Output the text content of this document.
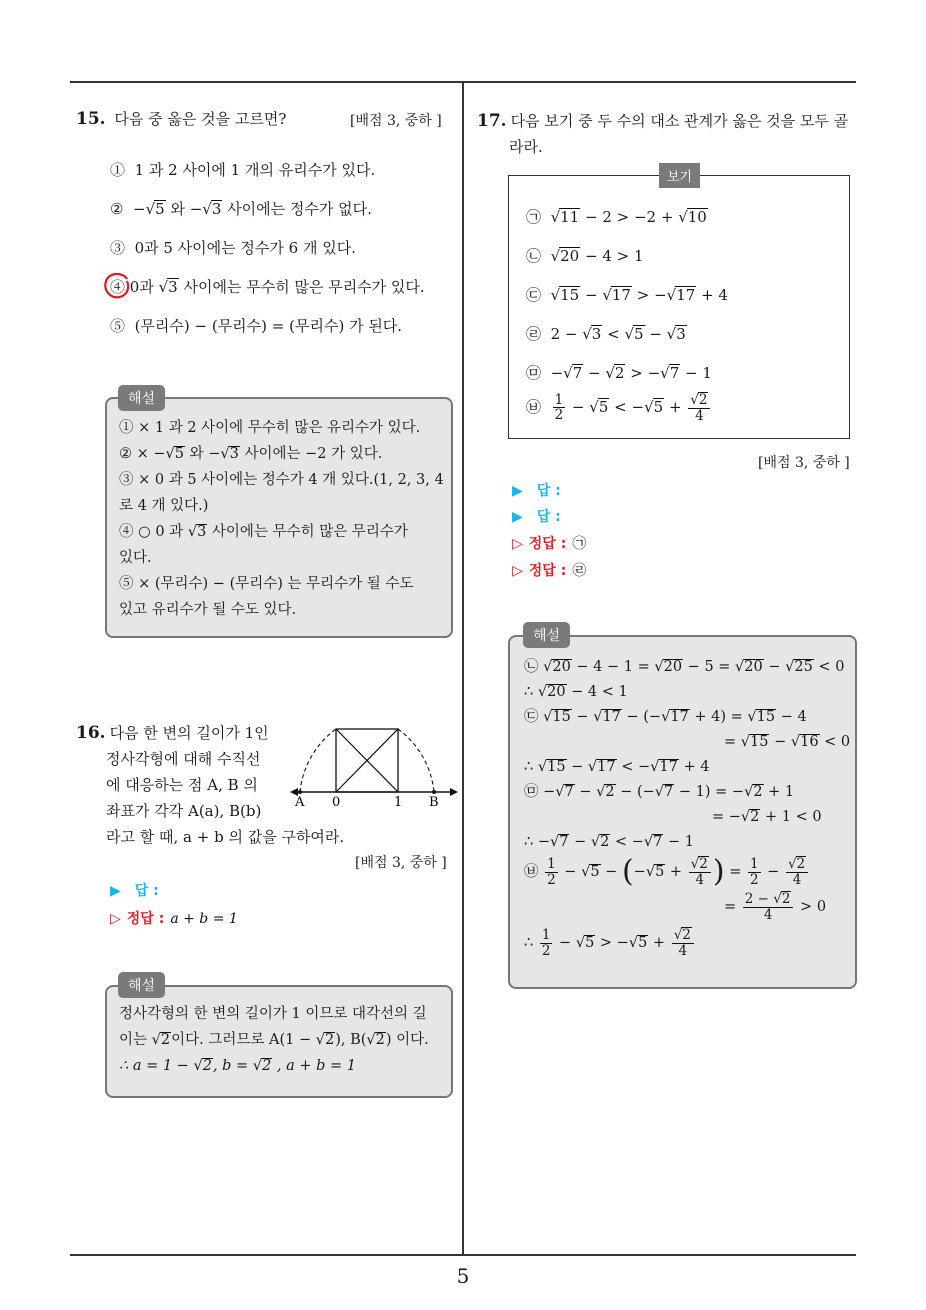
5
15. 다음 중 옳은 것을 고르면?	[배점 3, 중하 ]
① 1 과 2 사이에 1 개의 유리수가 있다.
② −√5 와 −√3 사이에는 정수가 없다.
③ 0과 5 사이에는 정수가 6 개 있다.
④ 0과 √3 사이에는 무수히 많은 무리수가 있다.
⑤ (무리수) − (무리수) = (무리수) 가 된다.
① × 1 과 2 사이에 무수히 많은 유리수가 있다.
② × −√5 와 −√3 사이에는 −2 가 있다.
③ × 0 과 5 사이에는 정수가 4 개 있다.(1, 2, 3, 4
로 4 개 있다.)
④ ○ 0 과 √3 사이에는 무수히 많은 무리수가
있다.
⑤ × (무리수) − (무리수) 는 무리수가 될 수도
있고 유리수가 될 수도 있다.
해설
16. 다음 한 변의 길이가 1인
정사각형에 대해 수직선
에 대응하는 점 A, B 의
좌표가 각각 A(a), B(b)
라고 할 때, a + b 의 값을 구하여라.
A 0	1 B
[배점 3, 중하 ]
▶ 답 :
▷ 정답 : a + b = 1
정사각형의 한 변의 길이가 1 이므로 대각선의 길
이는 √2이다. 그러므로 A(1 − √2), B(√2) 이다.
∴ a = 1 − √2, b = √2 , a + b = 1
해설
17. 다음 보기 중 두 수의 대소 관계가 옳은 것을 모두 골
라라.
보기
㉠ √11 − 2 > −2 + √10
㉡ √20 − 4 > 1
㉢ √15 − √17 > −√17 + 4
㉣ 2 − √3 < √5 − √3
㉤ −√7 − √2 > −√7 − 1
㉥ $\frac{1}{2} - √5 < -√5 + \frac{√2}{4}$
[배점 3, 중하 ]
▶ 답 :
▶ 답 :
▷ 정답 : ㉠
▷ 정답 : ㉣
㉡ √20 − 4 − 1 = √20 − 5 = √20 − √25 < 0
∴ √20 − 4 < 1
㉢ √15 − √17 − (−√17 + 4) = √15 − 4
= √15 − √16 < 0
∴ √15 − √17 < −√17 + 4
㉤ −√7 − √2 − (−√7 − 1) = −√2 + 1
= −√2 + 1 < 0
∴ −√7 − √2 < −√7 − 1
㉥ $\frac{1}{2} - √5 - (-√5 + \frac{√2}{4}$ ) = $\frac{1}{2} - \frac{√2}{4}$
= $\frac{2 - √2}{4} > 0$
∴ $\frac{1}{2} - √5 > -√5 + \frac{√2}{4}$
해설
